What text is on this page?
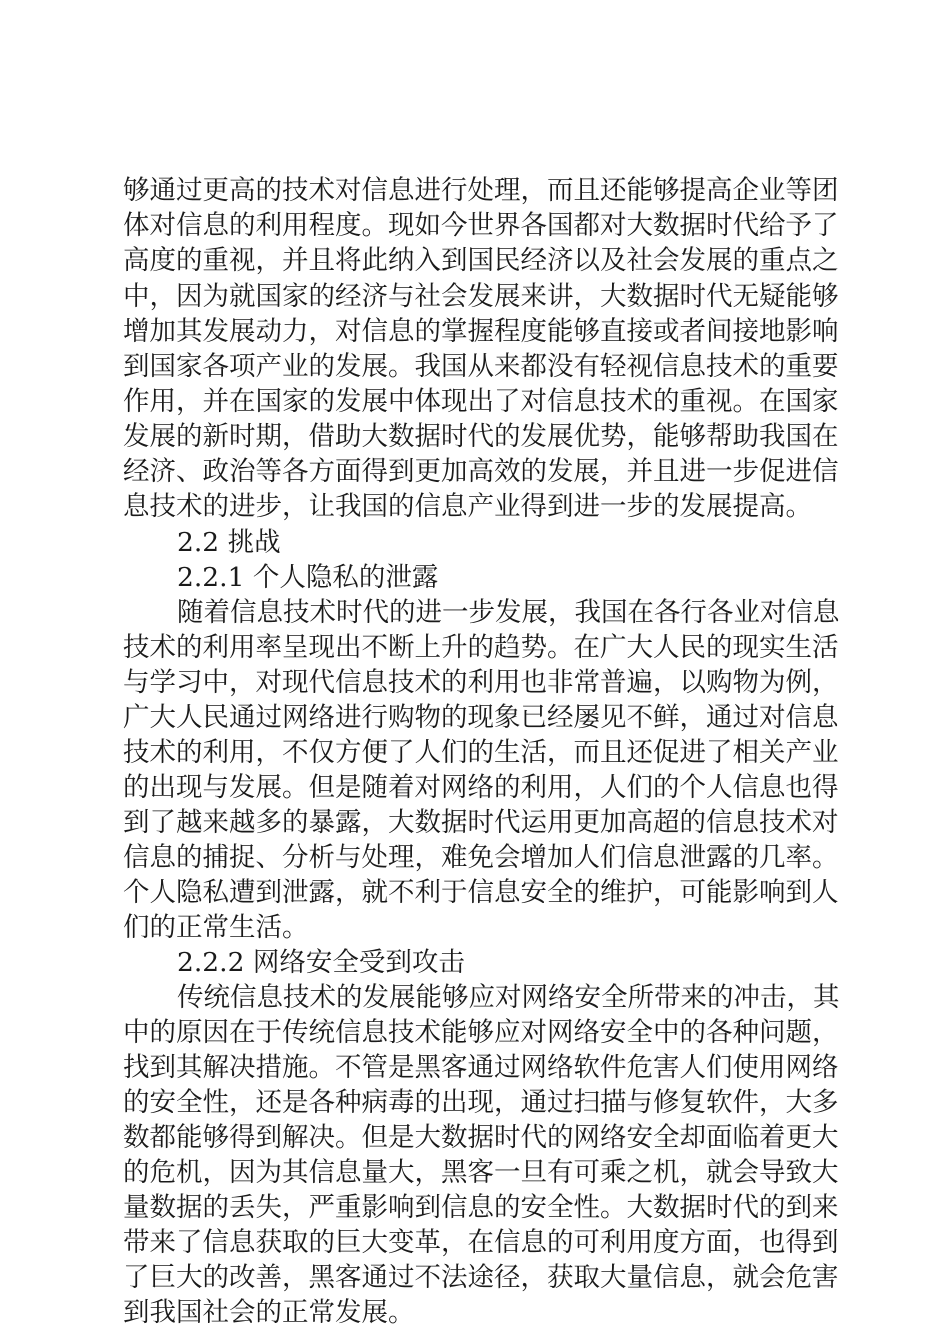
够通过更高的技术对信息进行处理，而且还能够提高企业等团
体对信息的利用程度。现如今世界各国都对大数据时代给予了
高度的重视，并且将此纳入到国民经济以及社会发展的重点之
中，因为就国家的经济与社会发展来讲，大数据时代无疑能够
增加其发展动力，对信息的掌握程度能够直接或者间接地影响
到国家各项产业的发展。我国从来都没有轻视信息技术的重要
作用，并在国家的发展中体现出了对信息技术的重视。在国家
发展的新时期，借助大数据时代的发展优势，能够帮助我国在
经济、政治等各方面得到更加高效的发展，并且进一步促进信
息技术的进步，让我国的信息产业得到进一步的发展提高。
2.2 挑战
2.2.1 个人隐私的泄露
随着信息技术时代的进一步发展，我国在各行各业对信息
技术的利用率呈现出不断上升的趋势。在广大人民的现实生活
与学习中，对现代信息技术的利用也非常普遍，以购物为例，
广大人民通过网络进行购物的现象已经屡见不鲜，通过对信息
技术的利用，不仅方便了人们的生活，而且还促进了相关产业
的出现与发展。但是随着对网络的利用，人们的个人信息也得
到了越来越多的暴露，大数据时代运用更加高超的信息技术对
信息的捕捉、分析与处理，难免会增加人们信息泄露的几率。
个人隐私遭到泄露，就不利于信息安全的维护，可能影响到人
们的正常生活。
2.2.2 网络安全受到攻击
传统信息技术的发展能够应对网络安全所带来的冲击，其
中的原因在于传统信息技术能够应对网络安全中的各种问题，
找到其解决措施。不管是黑客通过网络软件危害人们使用网络
的安全性，还是各种病毒的出现，通过扫描与修复软件，大多
数都能够得到解决。但是大数据时代的网络安全却面临着更大
的危机，因为其信息量大，黑客一旦有可乘之机，就会导致大
量数据的丢失，严重影响到信息的安全性。大数据时代的到来
带来了信息获取的巨大变革，在信息的可利用度方面，也得到
了巨大的改善，黑客通过不法途径，获取大量信息，就会危害
到我国社会的正常发展。
